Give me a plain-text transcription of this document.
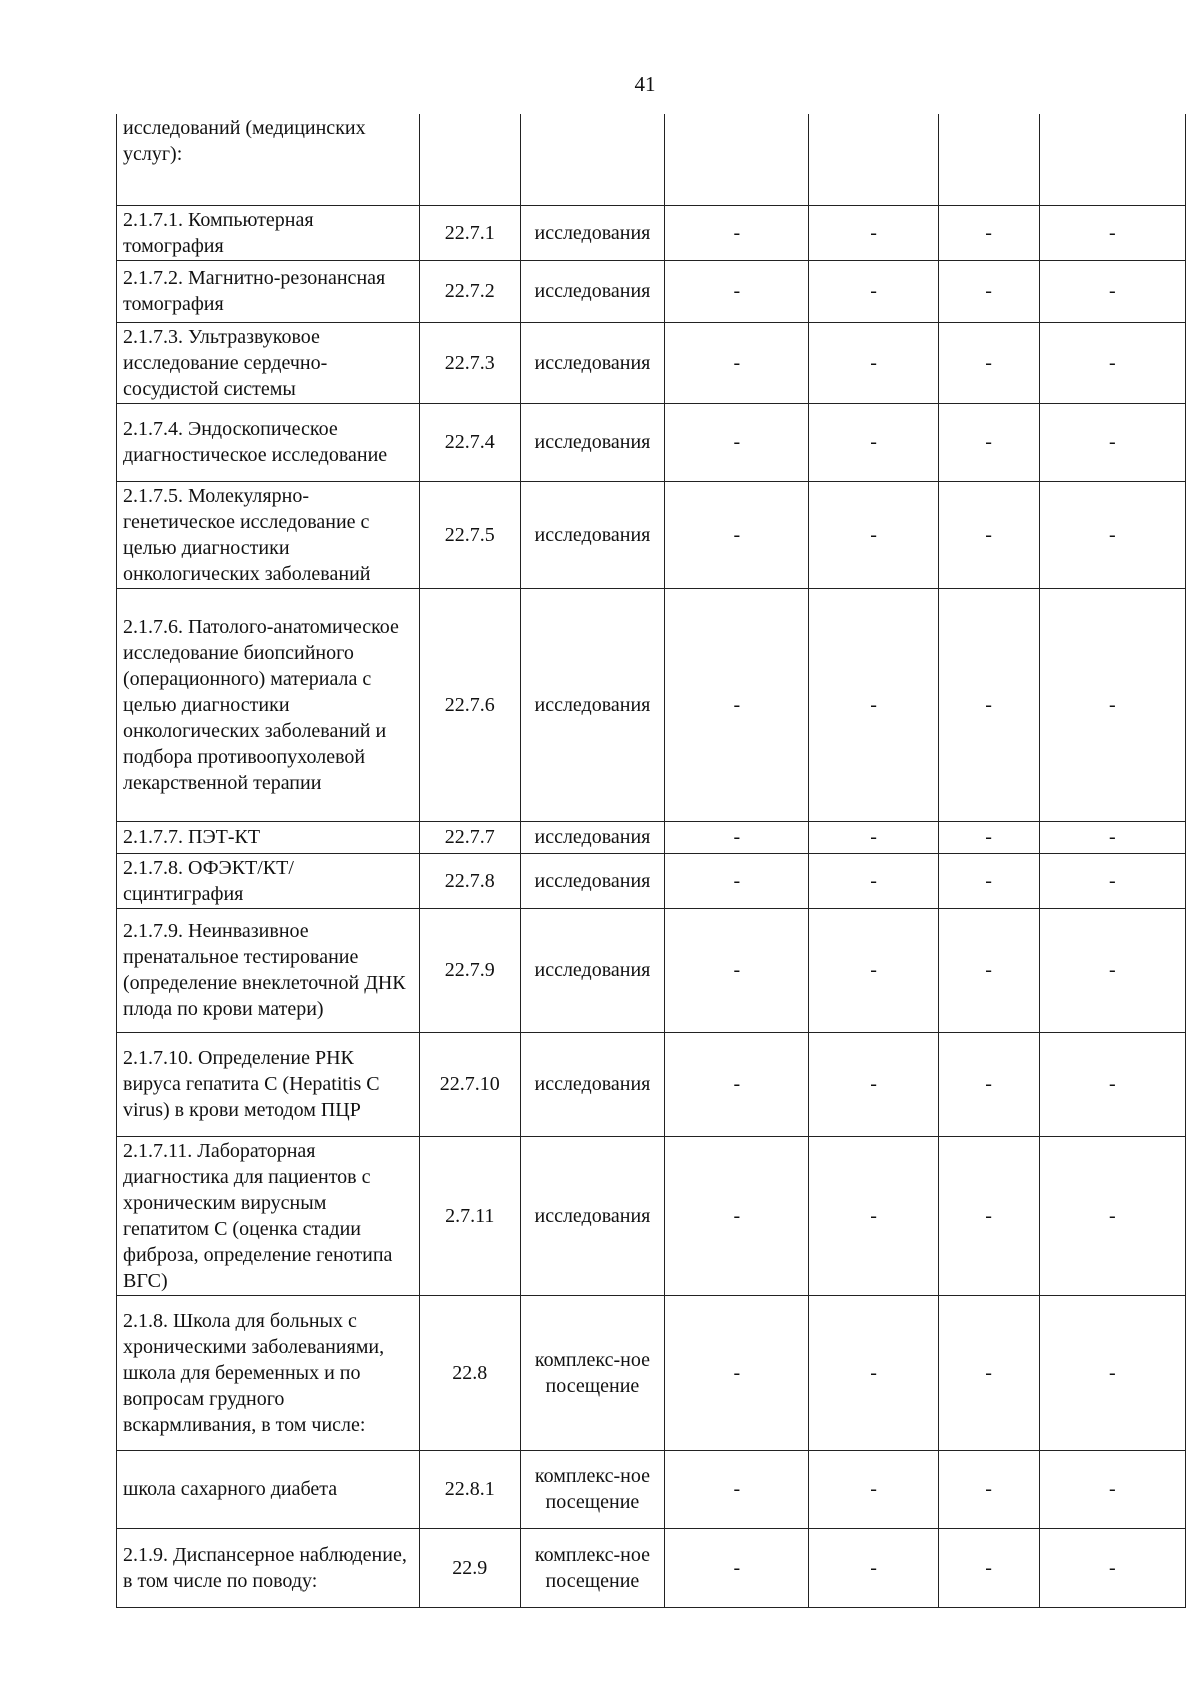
41
исследований (медицинских услуг):						
2.1.7.1. Компьютерная томография	22.7.1	исследования	-	-	-	-
2.1.7.2. Магнитно-резонансная томография	22.7.2	исследования	-	-	-	-
2.1.7.3. Ультразвуковое исследование сердечно-сосудистой системы	22.7.3	исследования	-	-	-	-
2.1.7.4. Эндоскопическое диагностическое исследование	22.7.4	исследования	-	-	-	-
2.1.7.5. Молекулярно-генетическое исследование с целью диагностики онкологических заболеваний	22.7.5	исследования	-	-	-	-
2.1.7.6. Патолого-анатомическое исследование биопсийного (операционного) материала с целью диагностики онкологических заболеваний и подбора противоопухолевой лекарственной терапии	22.7.6	исследования	-	-	-	-
2.1.7.7. ПЭТ-КТ	22.7.7	исследования	-	-	-	-
2.1.7.8. ОФЭКТ/КТ/сцинтиграфия	22.7.8	исследования	-	-	-	-
2.1.7.9. Неинвазивное пренатальное тестирование (определение внеклеточной ДНК плода по крови матери)	22.7.9	исследования	-	-	-	-
2.1.7.10. Определение РНК вируса гепатита С (Hepatitis C virus) в крови методом ПЦР	22.7.10	исследования	-	-	-	-
2.1.7.11. Лабораторная диагностика для пациентов с хроническим вирусным гепатитом С (оценка стадии фиброза, определение генотипа ВГС)	2.7.11	исследования	-	-	-	-
2.1.8. Школа для больных с хроническими заболеваниями, школа для беременных и по вопросам грудного вскармливания, в том числе:	22.8	комплекс-ное посещение	-	-	-	-
школа сахарного диабета	22.8.1	комплекс-ное посещение	-	-	-	-
2.1.9. Диспансерное наблюдение, в том числе по поводу:	22.9	комплекс-ное посещение	-	-	-	-
